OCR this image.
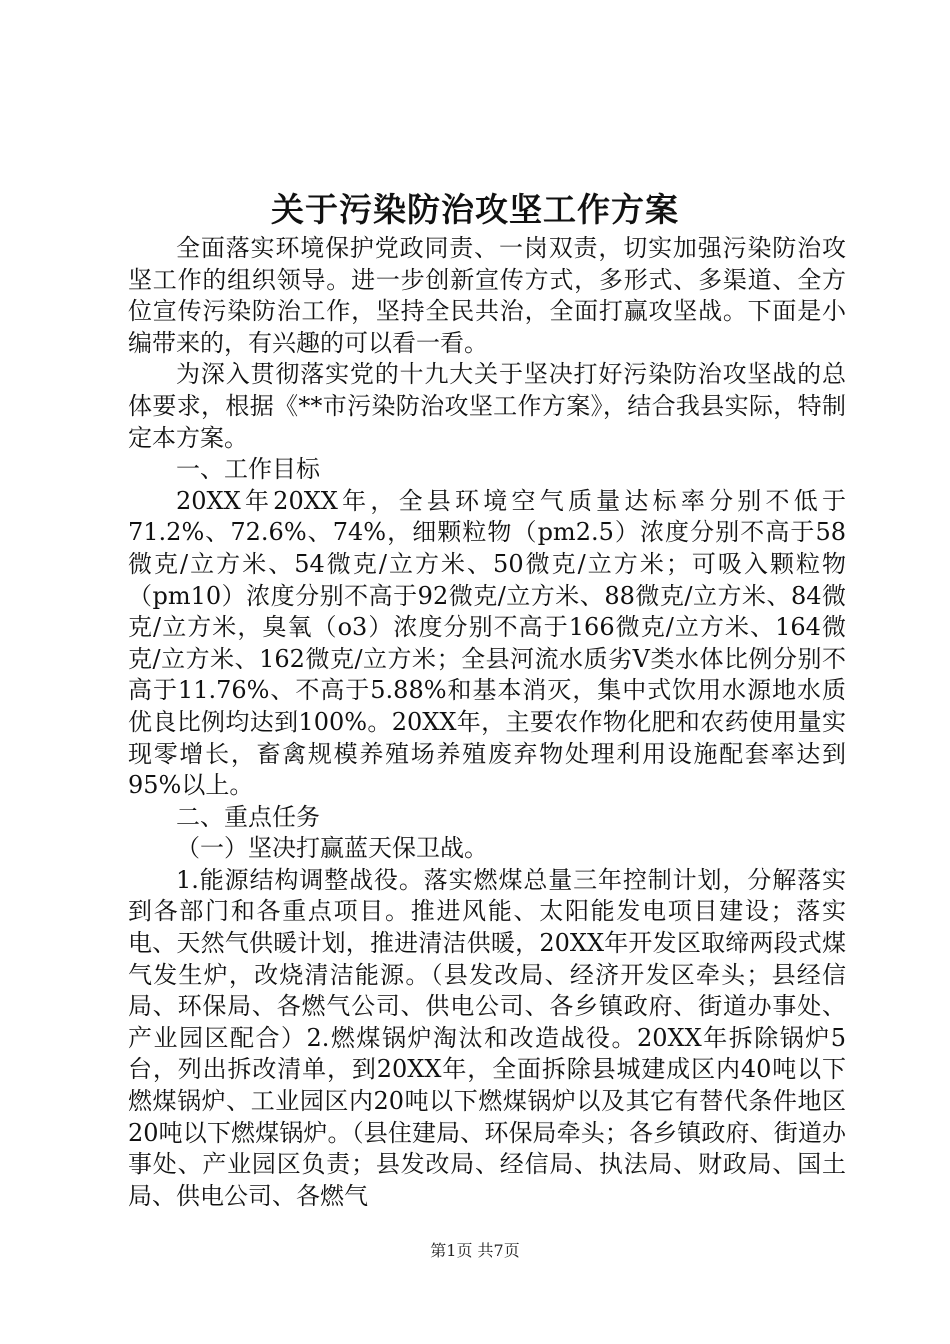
关于污染防治攻坚工作方案

全面落实环境保护党政同责、一岗双责，切实加强污染防治攻坚工作的组织领导。进一步创新宣传方式，多形式、多渠道、全方位宣传污染防治工作，坚持全民共治，全面打赢攻坚战。下面是小编带来的，有兴趣的可以看一看。

为深入贯彻落实党的十九大关于坚决打好污染防治攻坚战的总体要求，根据《**市污染防治攻坚工作方案》，结合我县实际，特制定本方案。

一、工作目标

20XX年20XX年，全县环境空气质量达标率分别不低于71.2%、72.6%、74%，细颗粒物（pm2.5）浓度分别不高于58微克/立方米、54微克/立方米、50微克/立方米；可吸入颗粒物（pm10）浓度分别不高于92微克/立方米、88微克/立方米、84微克/立方米，臭氧（o3）浓度分别不高于166微克/立方米、164微克/立方米、162微克/立方米；全县河流水质劣Ⅴ类水体比例分别不高于11.76%、不高于5.88%和基本消灭，集中式饮用水源地水质优良比例均达到100%。20XX年，主要农作物化肥和农药使用量实现零增长，畜禽规模养殖场养殖废弃物处理利用设施配套率达到95%以上。

二、重点任务

（一）坚决打赢蓝天保卫战。

1.能源结构调整战役。落实燃煤总量三年控制计划，分解落实到各部门和各重点项目。推进风能、太阳能发电项目建设；落实电、天然气供暖计划，推进清洁供暖，20XX年开发区取缔两段式煤气发生炉，改烧清洁能源。（县发改局、经济开发区牵头；县经信局、环保局、各燃气公司、供电公司、各乡镇政府、街道办事处、产业园区配合）2.燃煤锅炉淘汰和改造战役。20XX年拆除锅炉5台，列出拆改清单，到20XX年，全面拆除县城建成区内40吨以下燃煤锅炉、工业园区内20吨以下燃煤锅炉以及其它有替代条件地区20吨以下燃煤锅炉。（县住建局、环保局牵头；各乡镇政府、街道办事处、产业园区负责；县发改局、经信局、执法局、财政局、国土局、供电公司、各燃气

第1页 共7页
